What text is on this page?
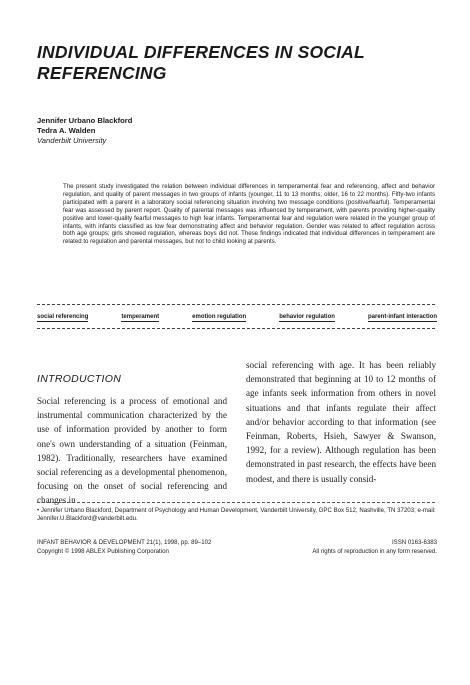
INDIVIDUAL DIFFERENCES IN SOCIAL
REFERENCING
Jennifer Urbano Blackford
Tedra A. Walden
Vanderbilt University
The present study investigated the relation between individual differences in temperamental fear and referencing, affect and behavior regulation, and quality of parent messages in two groups of infants (younger, 11 to 13 months; older, 16 to 22 months). Fifty-two infants participated with a parent in a laboratory social referencing situation involving two message conditions (positive/fearful). Temperamental fear was assessed by parent report. Quality of parental messages was influenced by temperament, with parents providing higher-quality positive and lower-quality fearful messages to high fear infants. Temperamental fear and regulation were related in the younger group of infants, with infants classified as low fear demonstrating affect and behavior regulation. Gender was related to affect regulation across both age groups; girls showed regulation, whereas boys did not. These findings indicated that individual differences in temperament are related to regulation and parental messages, but not to child looking at parents.
social referencing	temperament	emotion regulation	behavior regulation	parent-infant interaction
INTRODUCTION

Social referencing is a process of emotional and instrumental communication characterized by the use of information provided by another to form one's own understanding of a situation (Feinman, 1982). Traditionally, researchers have examined social referencing as a developmental phenomenon, focusing on the onset of social referencing and changes in

social referencing with age. It has been reliably demonstrated that beginning at 10 to 12 months of age infants seek information from others in novel situations and that infants regulate their affect and/or behavior according to that information (see Feinman, Roberts, Hsieh, Sawyer & Swanson, 1992, for a review). Although regulation has been demonstrated in past research, the effects have been modest, and there is usually consid-

• Jennifer Urbano Blackford, Department of Psychology and Human Development, Vanderbilt University, GPC Box 512, Nashville, TN 37203; e-mail: Jennifer.U.Blackford@vanderbilt.edu.
INFANT BEHAVIOR & DEVELOPMENT 21(1), 1998, pp. 89–102	ISSN 0163-6383
Copyright © 1998 ABLEX Publishing Corporation	All rights of reproduction in any form reserved.
